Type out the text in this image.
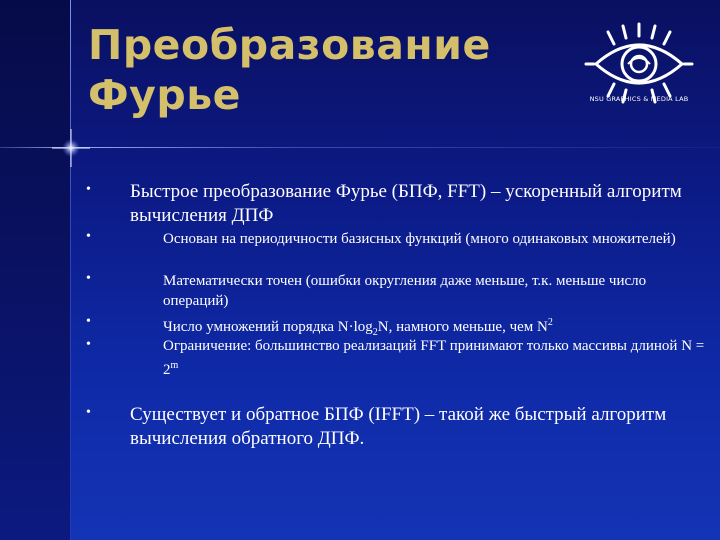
Преобразование
Фурье	NSU GRAPHICS & MEDIA LAB
• Быстрое преобразование Фурье (БПФ, FFT) – ускоренный алгоритм вычисления ДПФ
•	Основан на периодичности базисных функций (много одинаковых множителей)
•	Математически точен (ошибки округления даже меньше, т.к. меньше число операций)
•	Число умножений порядка $N\cdot\log_2N$, намного меньше, чем $N^2$
•	Ограничение: большинство реализаций FFT принимают только массивы длиной $N = 2^m$
• Существует и обратное БПФ (IFFT) – такой же быстрый алгоритм вычисления обратного ДПФ.
